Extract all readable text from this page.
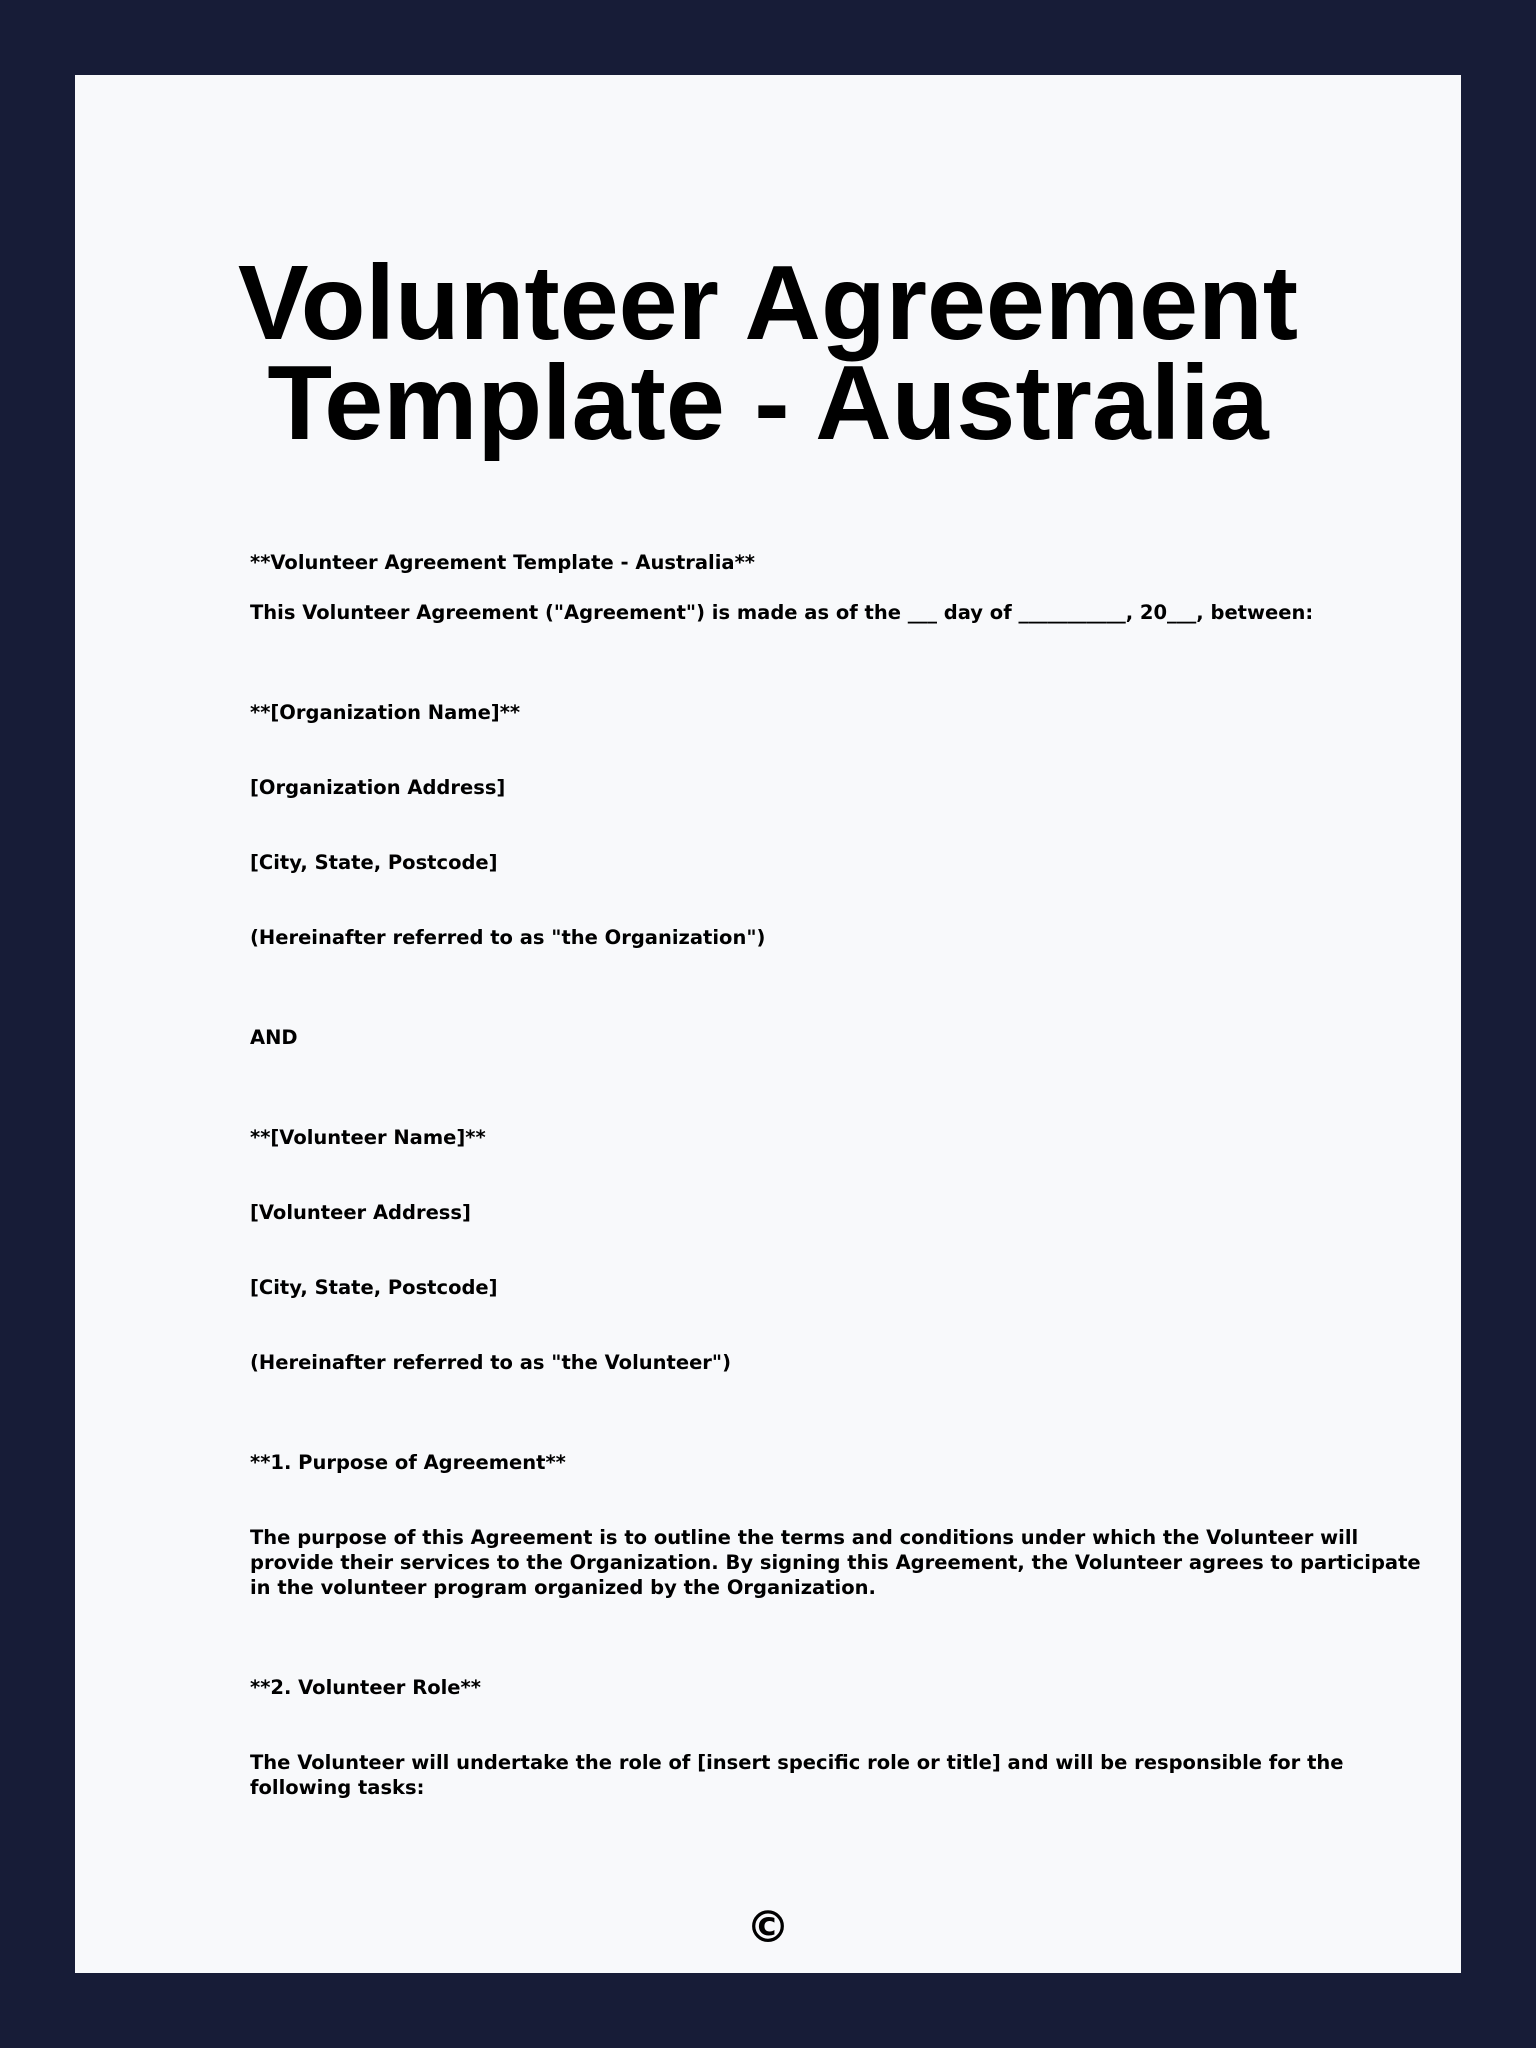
Volunteer Agreement
Template - Australia

**Volunteer Agreement Template - Australia**

This Volunteer Agreement ("Agreement") is made as of the ___ day of ___________, 20___, between:

**[Organization Name]**

[Organization Address]

[City, State, Postcode]

(Hereinafter referred to as "the Organization")

AND

**[Volunteer Name]**

[Volunteer Address]

[City, State, Postcode]

(Hereinafter referred to as "the Volunteer")

**1. Purpose of Agreement**

The purpose of this Agreement is to outline the terms and conditions under which the Volunteer will
provide their services to the Organization. By signing this Agreement, the Volunteer agrees to participate
in the volunteer program organized by the Organization.

**2. Volunteer Role**

The Volunteer will undertake the role of [insert specific role or title] and will be responsible for the
following tasks:
©
